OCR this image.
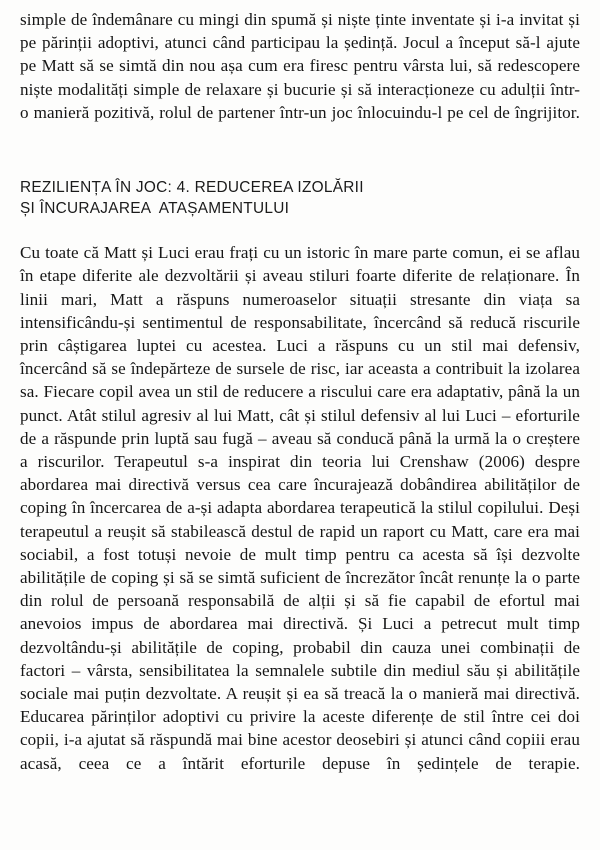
simple de îndemânare cu mingi din spumă și niște ținte inventate și i-a invitat și pe părinții adoptivi, atunci când participau la ședință. Jocul a început să-l ajute pe Matt să se simtă din nou așa cum era firesc pentru vârsta lui, să redescopere niște modalități simple de relaxare și bucurie și să interacționeze cu adulții într-o manieră pozitivă, rolul de partener într-un joc înlocuindu-l pe cel de îngrijitor.

REZILIENȚA ÎN JOC: 4. REDUCEREA IZOLĂRII
ȘI ÎNCURAJAREA  ATAȘAMENTULUI

Cu toate că Matt și Luci erau frați cu un istoric în mare parte comun, ei se aflau în etape diferite ale dezvoltării și aveau stiluri foarte diferite de relaționare. În linii mari, Matt a răspuns numeroaselor situații stresante din viața sa intensificându-și sentimentul de responsabilitate, încercând să reducă riscurile prin câștigarea luptei cu acestea. Luci a răspuns cu un stil mai defensiv, încercând să se îndepărteze de sursele de risc, iar aceasta a contribuit la izolarea sa. Fiecare copil avea un stil de reducere a riscului care era adaptativ, până la un punct. Atât stilul agresiv al lui Matt, cât și stilul defensiv al lui Luci – eforturile de a răspunde prin luptă sau fugă – aveau să conducă până la urmă la o creștere a riscurilor. Terapeutul s-a inspirat din teoria lui Crenshaw (2006) despre abordarea mai directivă versus cea care încurajează dobândirea abilităților de coping în încercarea de a-și adapta abordarea terapeutică la stilul copilului. Deși terapeutul a reușit să stabilească destul de rapid un raport cu Matt, care era mai sociabil, a fost totuși nevoie de mult timp pentru ca acesta să își dezvolte abilitățile de coping și să se simtă suficient de încrezător încât renunțe la o parte din rolul de persoană responsabilă de alții și să fie capabil de efortul mai anevoios impus de abordarea mai directivă. Și Luci a petrecut mult timp dezvoltându-și abilitățile de coping, probabil din cauza unei combinații de factori – vârsta, sensibilitatea la semnalele subtile din mediul său și abilitățile sociale mai puțin dezvoltate. A reușit și ea să treacă la o manieră mai directivă. Educarea părinților adoptivi cu privire la aceste diferențe de stil între cei doi copii, i-a ajutat să răspundă mai bine acestor deosebiri și atunci când copiii erau acasă, ceea ce a întărit eforturile depuse în ședințele de terapie.
